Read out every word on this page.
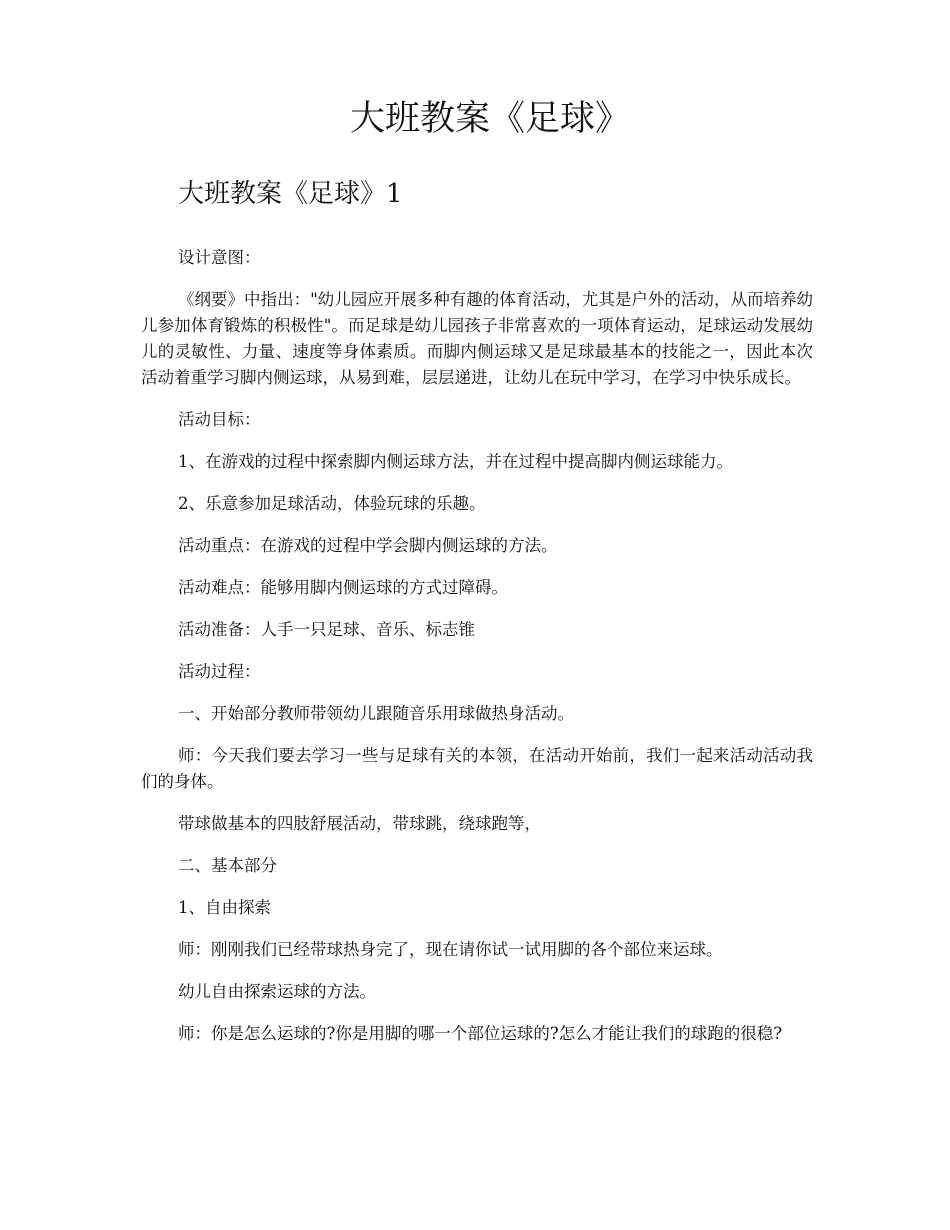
大班教案《足球》
大班教案《足球》1

设计意图：

《纲要》中指出："幼儿园应开展多种有趣的体育活动，尤其是户外的活动，从而培养幼儿参加体育锻炼的积极性"。而足球是幼儿园孩子非常喜欢的一项体育运动，足球运动发展幼儿的灵敏性、力量、速度等身体素质。而脚内侧运球又是足球最基本的技能之一，因此本次活动着重学习脚内侧运球，从易到难，层层递进，让幼儿在玩中学习，在学习中快乐成长。

活动目标：

1、在游戏的过程中探索脚内侧运球方法，并在过程中提高脚内侧运球能力。

2、乐意参加足球活动，体验玩球的乐趣。

活动重点：在游戏的过程中学会脚内侧运球的方法。

活动难点：能够用脚内侧运球的方式过障碍。

活动准备：人手一只足球、音乐、标志锥

活动过程：

一、开始部分教师带领幼儿跟随音乐用球做热身活动。

师：今天我们要去学习一些与足球有关的本领，在活动开始前，我们一起来活动活动我们的身体。

带球做基本的四肢舒展活动，带球跳，绕球跑等，

二、基本部分

1、自由探索

师：刚刚我们已经带球热身完了，现在请你试一试用脚的各个部位来运球。

幼儿自由探索运球的方法。

师：你是怎么运球的?你是用脚的哪一个部位运球的?怎么才能让我们的球跑的很稳?
